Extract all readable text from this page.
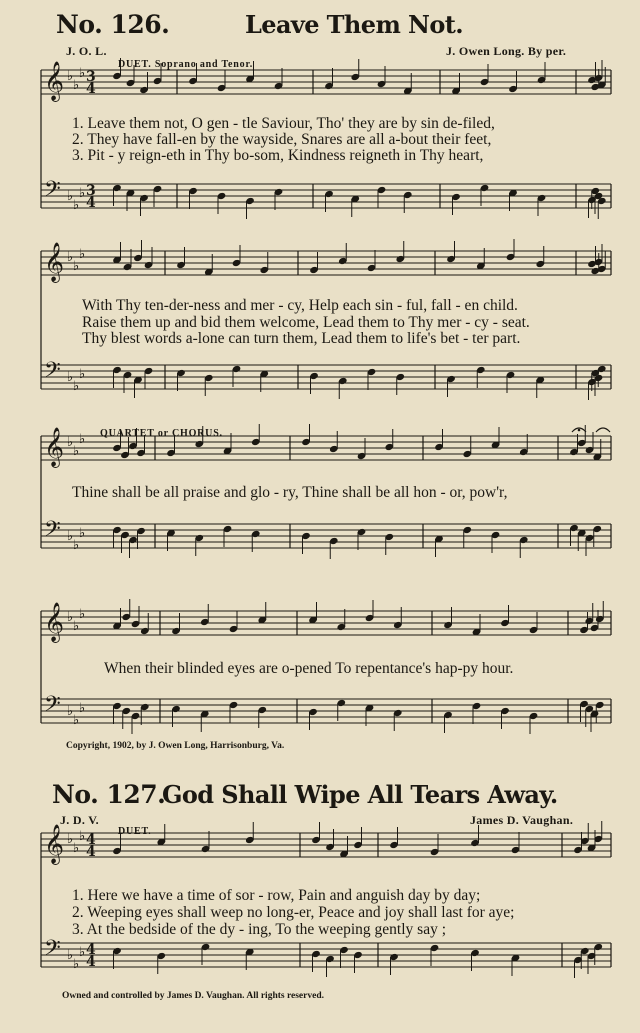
𝄞 ♭
♭
♭
𝄢 ♭
♭
♭
𝄞 ♭
♭
♭
𝄢 ♭
♭
♭
𝄞 ♭
♭
♭
𝄢 ♭
♭
♭
𝄞 ♭
♭
♭
𝄢 ♭
♭
♭
𝄞 ♭
♭
♭
𝄢 ♭
♭
♭
3
4
3
4
4
4
4
4
No. 126.	Leave Them Not.
J. O. L.	J. Owen Long. By per.
DUET. Soprano and Tenor.
1. Leave them not, O gen - tle Saviour, Tho' they are by sin de-filed,
2. They have fall-en by the wayside, Snares are all a-bout their feet,
3. Pit - y reign-eth in Thy bo-som, Kindness reigneth in Thy heart,
With Thy ten-der-ness and mer - cy, Help each sin - ful, fall - en child.
Raise them up and bid them welcome, Lead them to Thy mer - cy - seat.
Thy blest words a-lone can turn them, Lead them to life's bet - ter part.
QUARTET or CHORUS.
Thine shall be all praise and glo - ry, Thine shall be all hon - or, pow'r,
When their blinded eyes are o-pened To repentance's hap-py hour.
Copyright, 1902, by J. Owen Long, Harrisonburg, Va.
No. 127.
God Shall Wipe All Tears Away.
J. D. V.	James D. Vaughan.
DUET.
1. Here we have a time of sor - row, Pain and anguish day by day;
2. Weeping eyes shall weep no long-er, Peace and joy shall last for aye;
3. At the bedside of the dy - ing, To the weeping gently say ;
Owned and controlled by James D. Vaughan. All rights reserved.
